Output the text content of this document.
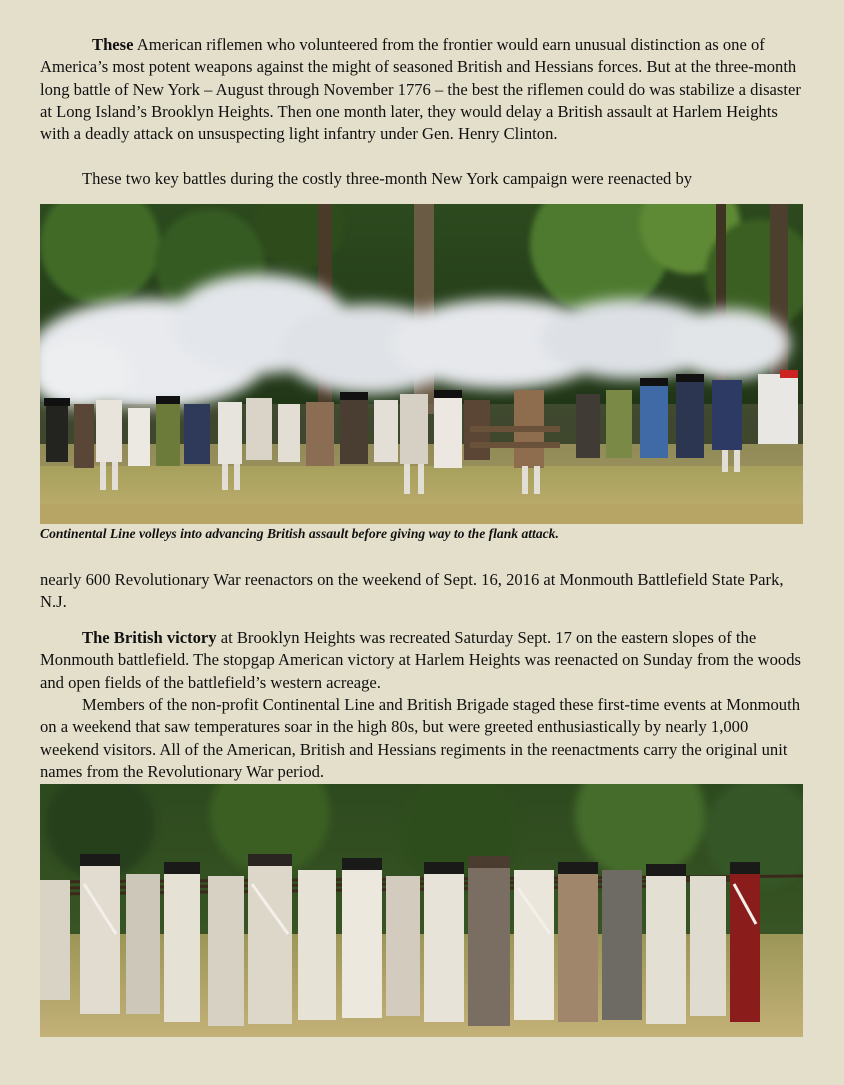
These American riflemen who volunteered from the frontier would earn unusual distinction as one of America’s most potent weapons against the might of seasoned British and Hessians forces. But at the three-month long battle of New York – August through November 1776 – the best the riflemen could do was stabilize a disaster at Long Island’s Brooklyn Heights. Then one month later, they would delay a British assault at Harlem Heights with a deadly attack on unsuspecting light infantry under Gen. Henry Clinton.

These two key battles during the costly three-month New York campaign were reenacted by

Continental Line volleys into advancing British assault before giving way to the flank attack.

nearly 600 Revolutionary War reenactors on the weekend of Sept. 16, 2016 at Monmouth Battlefield State Park, N.J.

The British victory at Brooklyn Heights was recreated Saturday Sept. 17 on the eastern slopes of the Monmouth battlefield. The stopgap American victory at Harlem Heights was reenacted on Sunday from the woods and open fields of the battlefield’s western acreage.

Members of the non-profit Continental Line and British Brigade staged these first-time events at Monmouth on a weekend that saw temperatures soar in the high 80s, but were greeted enthusiastically by nearly 1,000 weekend visitors. All of the American, British and Hessians regiments in the reenactments carry the original unit names from the Revolutionary War period.
